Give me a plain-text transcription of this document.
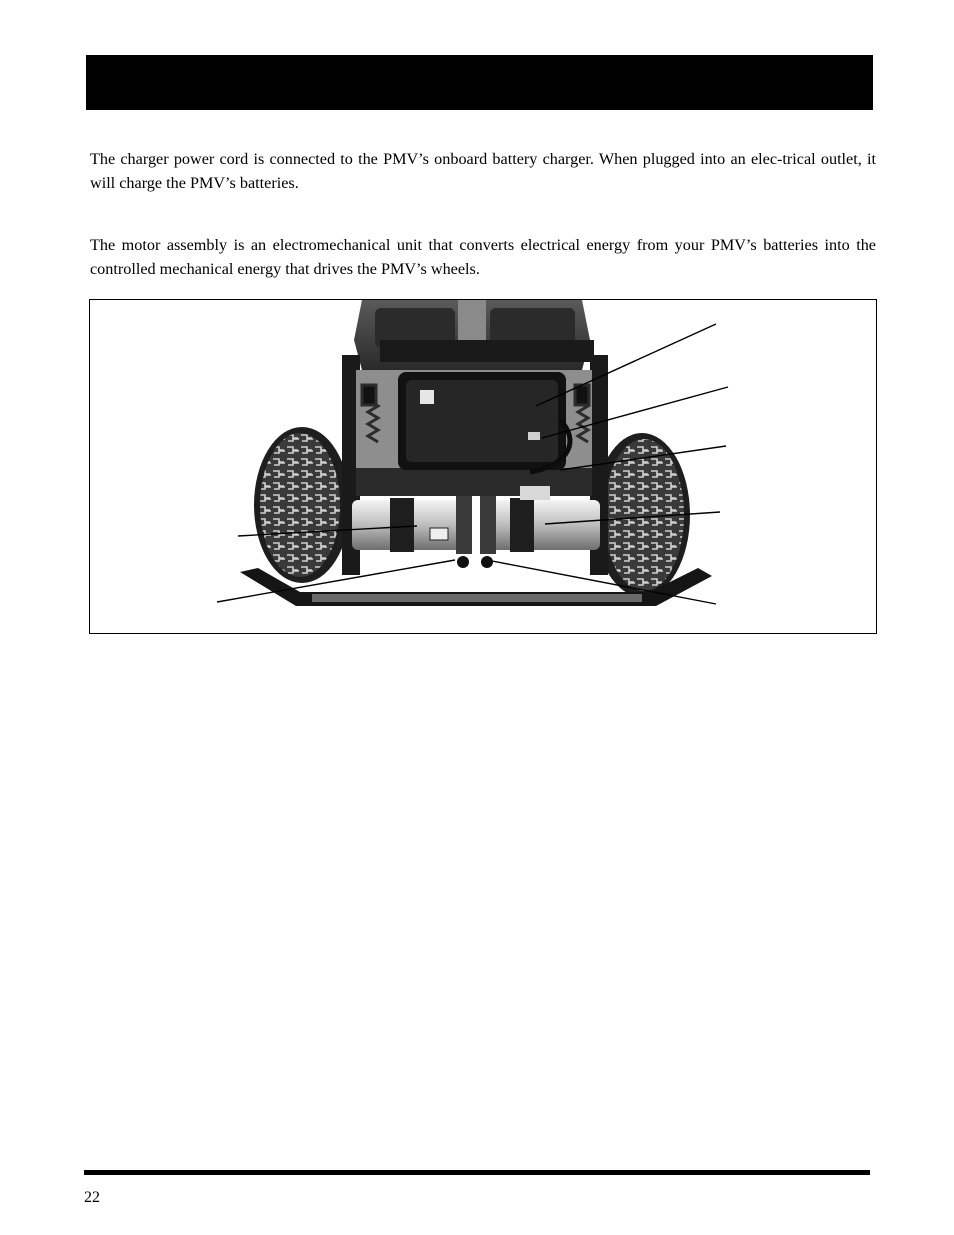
The charger power cord is connected to the PMV’s onboard battery charger. When plugged into an elec-trical outlet, it will charge the PMV’s batteries.

The motor assembly is an electromechanical unit that converts electrical energy from your PMV’s batteries into the controlled mechanical energy that drives the PMV’s wheels.

22
